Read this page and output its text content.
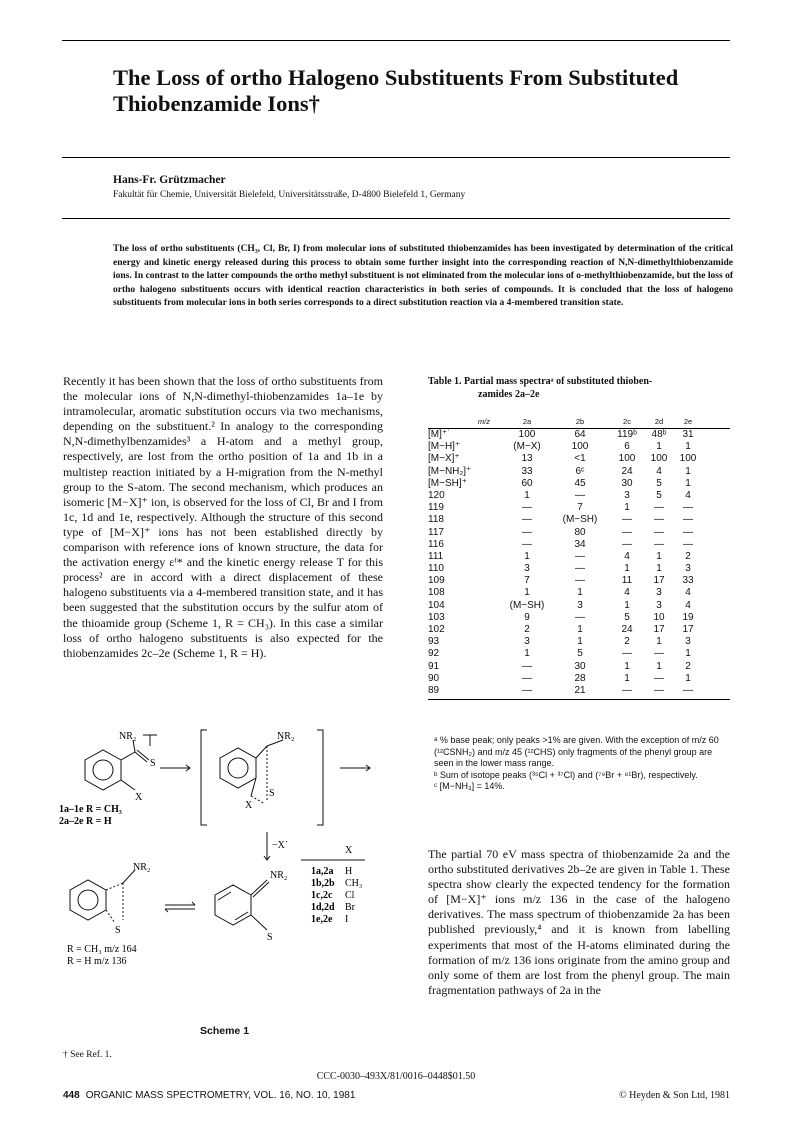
The Loss of ortho Halogeno Substituents From Substituted Thiobenzamide Ions†
Hans-Fr. Grützmacher
Fakultät für Chemie, Universität Bielefeld, Universitätsstraße, D-4800 Bielefeld 1, Germany
The loss of ortho substituents (CH₃, Cl, Br, I) from molecular ions of substituted thiobenzamides has been investigated by determination of the critical energy and kinetic energy released during this process to obtain some further insight into the corresponding reaction of N,N-dimethylthiobenzamide ions. In contrast to the latter compounds the ortho methyl substituent is not eliminated from the molecular ions of o-methylthiobenzamide, but the loss of ortho halogeno substituents occurs with identical reaction characteristics in both series of compounds. It is concluded that the loss of halogeno substituents from molecular ions in both series corresponds to a direct substitution reaction via a 4-membered transition state.
Recently it has been shown that the loss of ortho substituents from the molecular ions of N,N-dimethyl-thiobenzamides 1a–1e by intramolecular, aromatic substitution occurs via two mechanisms, depending on the substituent.² In analogy to the corresponding N,N-dimethylbenzamides³ a H-atom and a methyl group, respectively, are lost from the ortho position of 1a and 1b in a multistep reaction initiated by a H-migration from the N-methyl group to the S-atom. The second mechanism, which produces an isomeric [M−X]⁺ ion, is observed for the loss of Cl, Br and I from 1c, 1d and 1e, respectively. Although the structure of this second type of [M−X]⁺ ions has not been established directly by comparison with reference ions of known structure, the data for the activation energy εᶠ* and the kinetic energy release T for this process² are in accord with a direct displacement of these halogeno substituents via a 4-membered transition state, and it has been suggested that the substitution occurs by the sulfur atom of the thioamide group (Scheme 1, R = CH₃). In this case a similar loss of ortho halogeno substituents is also expected for the thiobenzamides 2c–2e (Scheme 1, R = H).
Table 1. Partial mass spectraᵃ of substituted thioben-
zamides 2a–2e
m/z	2a	2b	2c	2d	2e
[M]⁺˙	100	64	119ᵇ	48ᵇ	31
[M−H]⁺	(M−X)	100	6	1	1
[M−X]⁺	13	<1	100	100	100
[M−NH₂]⁺	33	6ᶜ	24	4	1
[M−SH]⁺	60	45	30	5	1
120	1	—	3	5	4
119	—	7	1	—	—
118	—	(M−SH)	—	—	—
117	—	80	—	—	—
116	—	34	—	—	—
111	1	—	4	1	2
110	3	—	1	1	3
109	7	—	11	17	33
108	1	1	4	3	4
104	(M−SH)	3	1	3	4
103	9	—	5	10	19
102	2	1	24	17	17
93	3	1	2	1	3
92	1	5	—	—	1
91	—	30	1	1	2
90	—	28	1	—	1
89	—	21	—	—	—
ᵃ % base peak; only peaks >1% are given. With the exception of m/z 60 (¹²CSNH₂) and m/z 45 (¹²CHS) only fragments of the phenyl group are seen in the lower mass range.
ᵇ Sum of isotope peaks (³⁵Cl + ³⁷Cl) and (⁷⁹Br + ⁸¹Br), respectively.
ᶜ [M−NH₃] = 14%.
The partial 70 eV mass spectra of thiobenzamide 2a and the ortho substituted derivatives 2b–2e are given in Table 1. These spectra show clearly the expected tendency for the formation of [M−X]⁺ ions m/z 136 in the case of the halogeno derivatives. The mass spectrum of thiobenzamide 2a has been published previously,⁴ and it is known from labelling experiments that most of the H-atoms eliminated during the formation of m/z 136 ions originate from the amino group and only some of them are lost from the phenyl group. The main fragmentation pathways of 2a in the
NR₂
S
X
1a–1e R = CH₃
2a–2e R = H
NR₂
S
X
−X˙
NR₂
S
NR₂
S
R = CH₃ m/z 164
R = H m/z 136
X
1a,2a H
1b,2b CH₃
1c,2c Cl
1d,2d Br
1e,2e I
Scheme 1
† See Ref. 1.
CCC-0030–493X/81/0016–0448$01.50
448 ORGANIC MASS SPECTROMETRY, VOL. 16, NO. 10, 1981	© Heyden & Son Ltd, 1981
